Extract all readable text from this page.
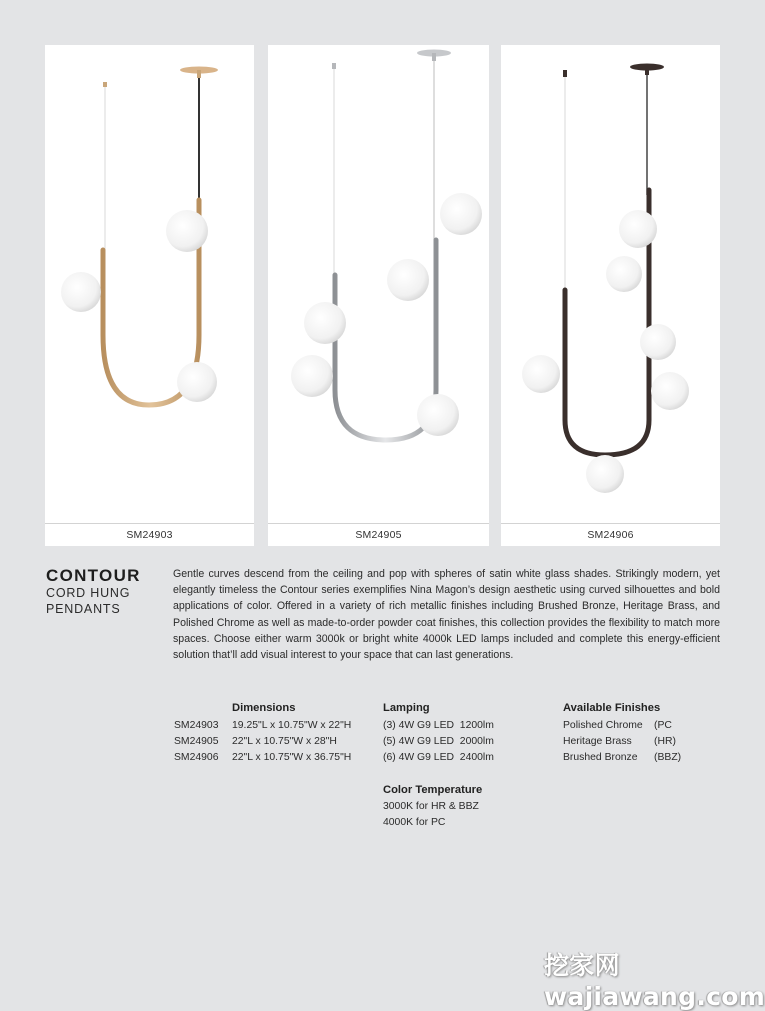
SM24903	SM24905	SM24906
CONTOUR
CORD HUNG
PENDANTS
Gentle curves descend from the ceiling and pop with spheres of satin white glass shades. Strikingly modern, yet elegantly timeless the Contour series exemplifies Nina Magon’s design aesthetic using curved silhouettes and bold applications of color. Offered in a variety of rich metallic finishes including Brushed Bronze, Heritage Brass, and Polished Chrome as well as made-to-order powder coat finishes, this collection provides the flexibility to match more spaces. Choose either warm 3000k or bright white 4000k LED lamps included and complete this energy-efficient solution that’ll add visual interest to your space that can last generations.
Dimensions
SM24903 19.25"L x 10.75"W x 22"H
SM24905 22"L x 10.75"W x 28"H
SM24906 22"L x 10.75"W x 36.75"H
Lamping
(3) 4W G9 LED  1200lm
(5) 4W G9 LED  2000lm
(6) 4W G9 LED  2400lm
Color Temperature
3000K for HR & BBZ
4000K for PC
Available Finishes
Polished Chrome (PC
Heritage Brass (HR)
Brushed Bronze (BBZ)
挖家网 wajiawang.com
